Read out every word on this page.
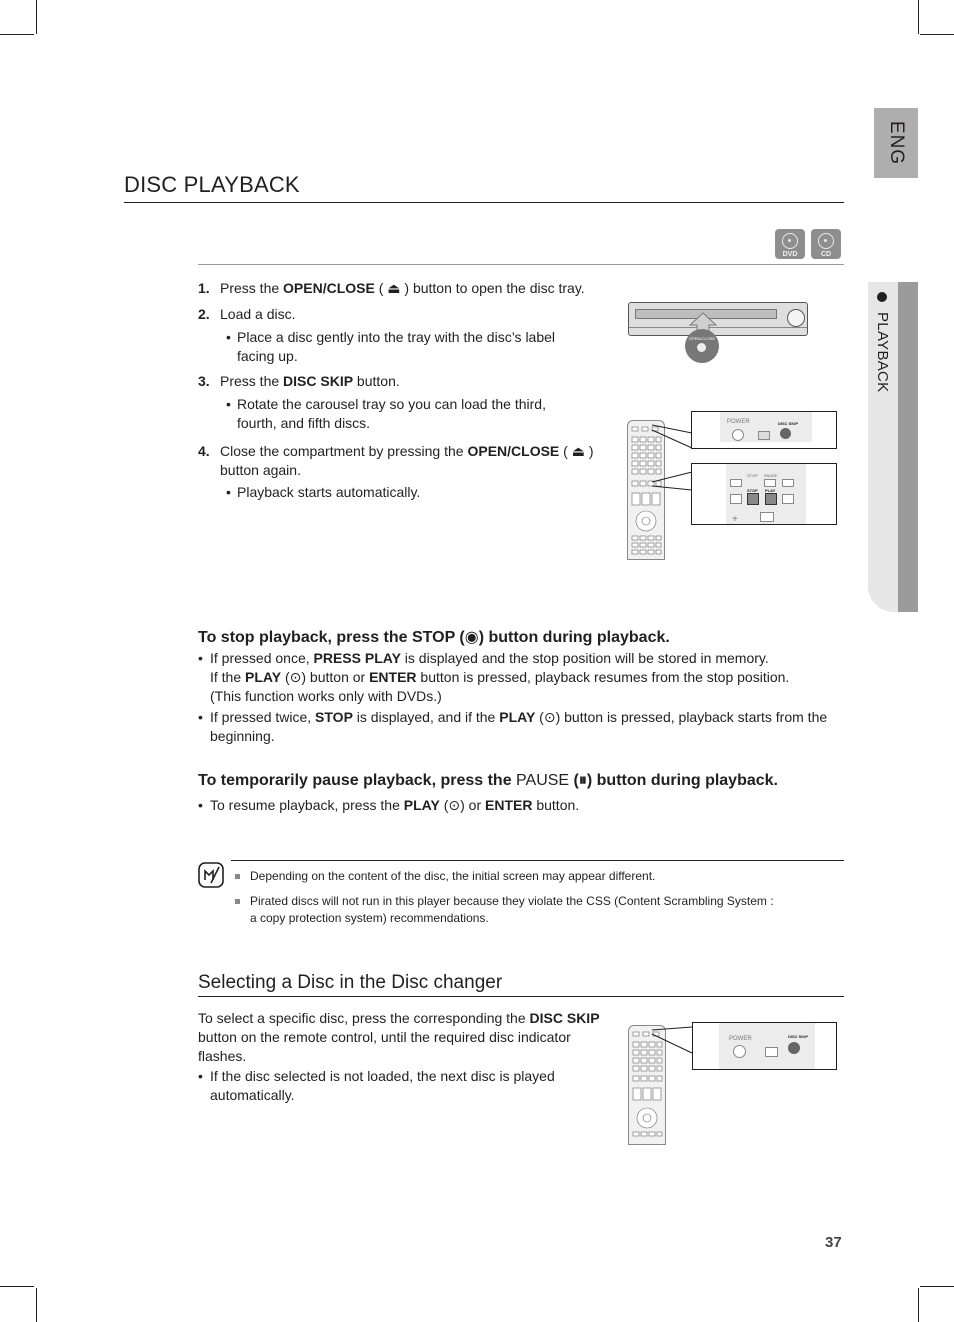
ENG
PLAYBACK
DISC PLAYBACK
DVD	CD
1. Press the OPEN/CLOSE ( ⏏ ) button to open the disc tray.
2. Load a disc.
• Place a disc gently into the tray with the disc’s label facing up.
3. Press the DISC SKIP button.
• Rotate the carousel tray so you can load the third, fourth, and fifth discs.
4. Close the compartment by pressing the OPEN/CLOSE ( ⏏ )
button again.
• Playback starts automatically.
OPEN/CLOSE
POWER	DISC SKIP
STOP PAUSE
STOP PLAY
+
To stop playback, press the STOP (◉) button during playback.
• If pressed once, PRESS PLAY is displayed and the stop position will be stored in memory.
If the PLAY (⊙) button or ENTER button is pressed, playback resumes from the stop position.
(This function works only with DVDs.)
• If pressed twice, STOP is displayed, and if the PLAY (⊙) button is pressed, playback starts from the
beginning.
To temporarily pause playback, press the PAUSE (⏸) button during playback.
• To resume playback, press the PLAY (⊙) or ENTER button.
Depending on the content of the disc, the initial screen may appear different.
Pirated discs will not run in this player because they violate the CSS (Content Scrambling System :
a copy protection system) recommendations.
Selecting a Disc in the Disc changer
To select a specific disc, press the corresponding the DISC SKIP
button on the remote control, until the required disc indicator
flashes.
• If the disc selected is not loaded, the next disc is played
automatically.
POWER	DISC SKIP
37
